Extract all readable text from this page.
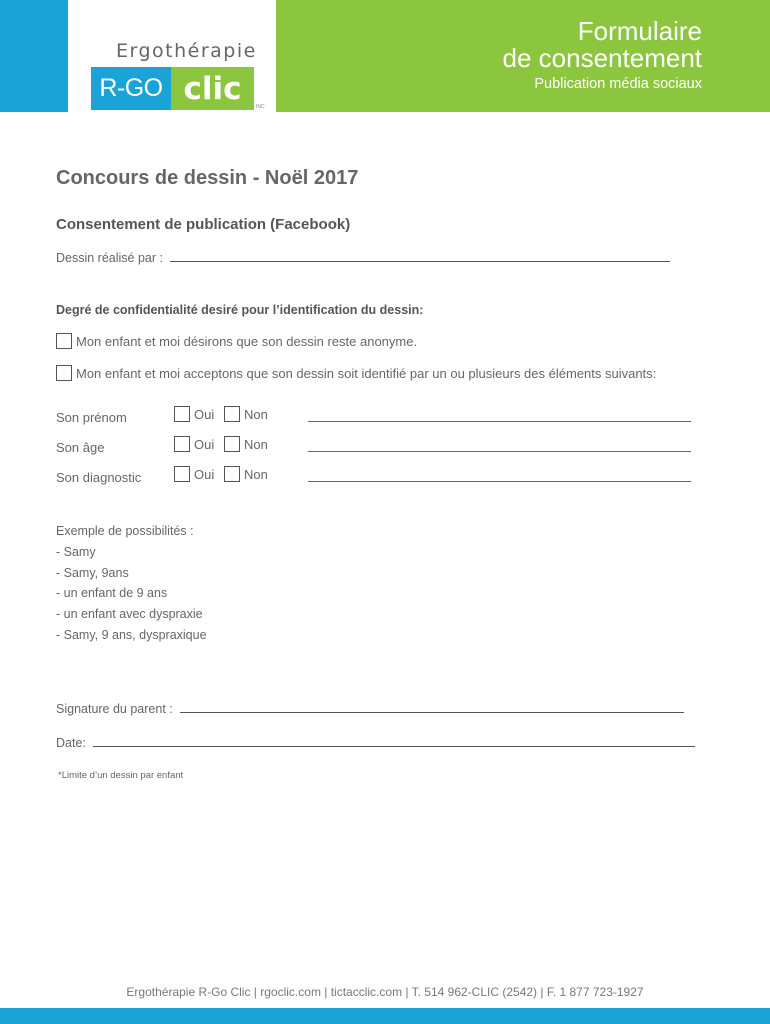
Ergothérapie
R-GO clic
INC
Formulaire
de consentement
Publication média sociaux
Concours de dessin - Noël 2017
Consentement de publication (Facebook)
Dessin réalisé par :
Degré de confidentialité desiré pour l’identification du dessin:
Mon enfant et moi désirons que son dessin reste anonyme.
Mon enfant et moi acceptons que son dessin soit identifié par un ou plusieurs des éléments suivants:
Son prénom	Oui Non
Son âge	Oui Non
Son diagnostic	Oui Non
Exemple de possibilités :
- Samy
- Samy, 9ans
- un enfant de 9 ans
- un enfant avec dyspraxie
- Samy, 9 ans, dyspraxique
Signature du parent :
Date:
*Limite d’un dessin par enfant
Ergothérapie R-Go Clic | rgoclic.com | tictacclic.com | T. 514 962-CLIC (2542) | F. 1 877 723-1927
